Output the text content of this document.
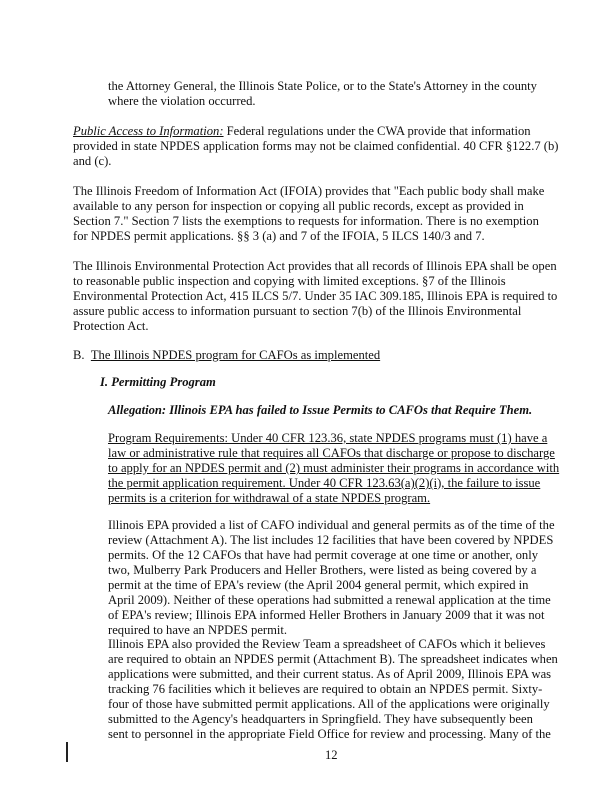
the Attorney General, the Illinois State Police, or to the State's Attorney in the county
where the violation occurred.
Public Access to Information: Federal regulations under the CWA provide that information
provided in state NPDES application forms may not be claimed confidential. 40 CFR §122.7 (b)
and (c).
The Illinois Freedom of Information Act (IFOIA) provides that "Each public body shall make
available to any person for inspection or copying all public records, except as provided in
Section 7." Section 7 lists the exemptions to requests for information. There is no exemption
for NPDES permit applications. §§ 3 (a) and 7 of the IFOIA, 5 ILCS 140/3 and 7.
The Illinois Environmental Protection Act provides that all records of Illinois EPA shall be open
to reasonable public inspection and copying with limited exceptions. §7 of the Illinois
Environmental Protection Act, 415 ILCS 5/7. Under 35 IAC 309.185, Illinois EPA is required to
assure public access to information pursuant to section 7(b) of the Illinois Environmental
Protection Act.
B. The Illinois NPDES program for CAFOs as implemented
I. Permitting Program
Allegation: Illinois EPA has failed to Issue Permits to CAFOs that Require Them.
Program Requirements: Under 40 CFR 123.36, state NPDES programs must (1) have a
law or administrative rule that requires all CAFOs that discharge or propose to discharge
to apply for an NPDES permit and (2) must administer their programs in accordance with
the permit application requirement. Under 40 CFR 123.63(a)(2)(i), the failure to issue
permits is a criterion for withdrawal of a state NPDES program.
Illinois EPA provided a list of CAFO individual and general permits as of the time of the
review (Attachment A). The list includes 12 facilities that have been covered by NPDES
permits. Of the 12 CAFOs that have had permit coverage at one time or another, only
two, Mulberry Park Producers and Heller Brothers, were listed as being covered by a
permit at the time of EPA's review (the April 2004 general permit, which expired in
April 2009). Neither of these operations had submitted a renewal application at the time
of EPA's review; Illinois EPA informed Heller Brothers in January 2009 that it was not
required to have an NPDES permit.
Illinois EPA also provided the Review Team a spreadsheet of CAFOs which it believes
are required to obtain an NPDES permit (Attachment B). The spreadsheet indicates when
applications were submitted, and their current status. As of April 2009, Illinois EPA was
tracking 76 facilities which it believes are required to obtain an NPDES permit. Sixty-
four of those have submitted permit applications. All of the applications were originally
submitted to the Agency's headquarters in Springfield. They have subsequently been
sent to personnel in the appropriate Field Office for review and processing. Many of the
12
